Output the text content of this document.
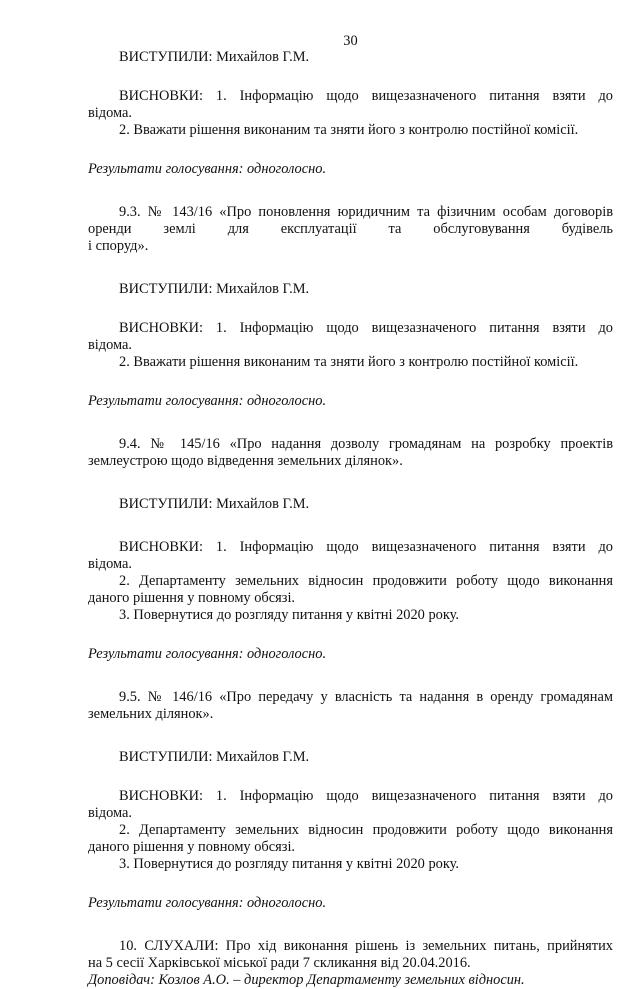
30

ВИСТУПИЛИ: Михайлов Г.М.

ВИСНОВКИ: 1. Інформацію щодо вищезазначеного питання взяти до

відома.

2. Вважати рішення виконаним та зняти його з контролю постійної комісії.

Результати голосування: одноголосно.

9.3. № 143/16 «Про поновлення юридичним та фізичним особам договорів

оренди землі для експлуатації та обслуговування будівель

і споруд».

ВИСТУПИЛИ: Михайлов Г.М.

ВИСНОВКИ: 1. Інформацію щодо вищезазначеного питання взяти до

відома.

2. Вважати рішення виконаним та зняти його з контролю постійної комісії.

Результати голосування: одноголосно.

9.4. № 145/16 «Про надання дозволу громадянам на розробку проектів

землеустрою щодо відведення земельних ділянок».

ВИСТУПИЛИ: Михайлов Г.М.

ВИСНОВКИ: 1. Інформацію щодо вищезазначеного питання взяти до

відома.

2. Департаменту земельних відносин продовжити роботу щодо виконання

даного рішення у повному обсязі.

3. Повернутися до розгляду питання у квітні 2020 року.

Результати голосування: одноголосно.

9.5. № 146/16 «Про передачу у власність та надання в оренду громадянам

земельних ділянок».

ВИСТУПИЛИ: Михайлов Г.М.

ВИСНОВКИ: 1. Інформацію щодо вищезазначеного питання взяти до

відома.

2. Департаменту земельних відносин продовжити роботу щодо виконання

даного рішення у повному обсязі.

3. Повернутися до розгляду питання у квітні 2020 року.

Результати голосування: одноголосно.

10. СЛУХАЛИ: Про хід виконання рішень із земельних питань, прийнятих

на 5 сесії Харківської міської ради 7 скликання від 20.04.2016.

Доповідач: Козлов А.О. – директор Департаменту земельних відносин.
